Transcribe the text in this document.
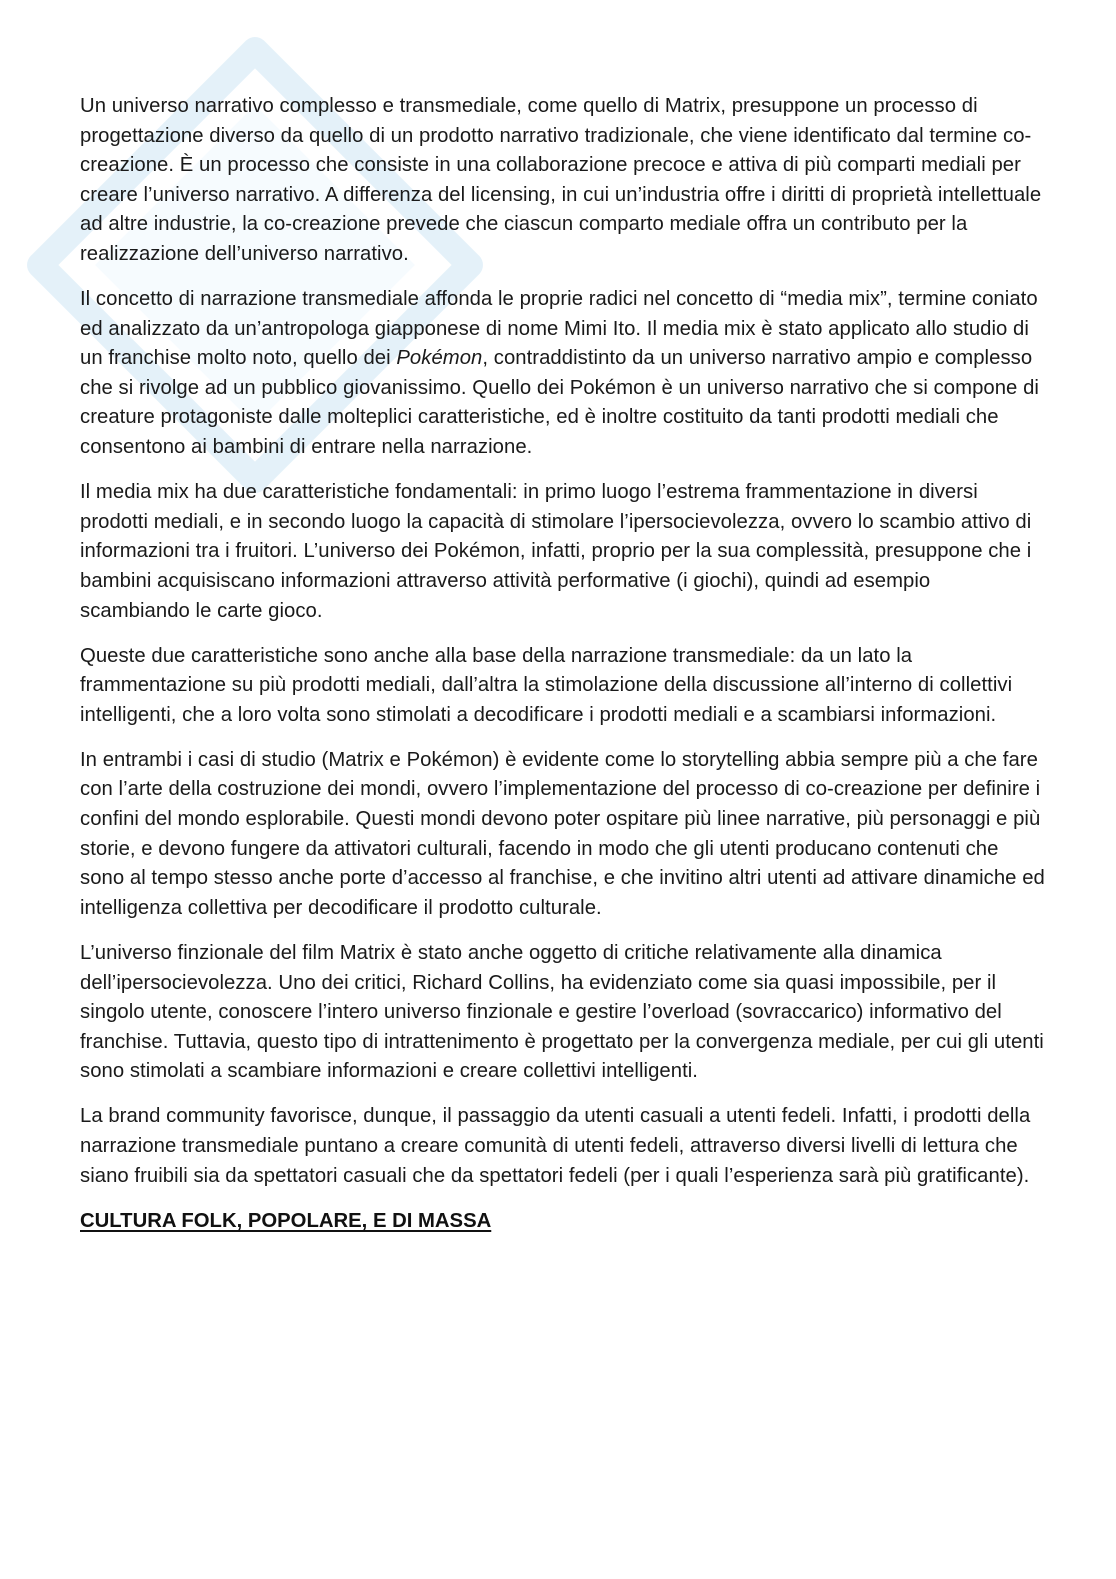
Un universo narrativo complesso e transmediale, come quello di Matrix, presuppone un processo di progettazione diverso da quello di un prodotto narrativo tradizionale, che viene identificato dal termine co-creazione. È un processo che consiste in una collaborazione precoce e attiva di più comparti mediali per creare l’universo narrativo. A differenza del licensing, in cui un’industria offre i diritti di proprietà intellettuale ad altre industrie, la co-creazione prevede che ciascun comparto mediale offra un contributo per la realizzazione dell’universo narrativo.

Il concetto di narrazione transmediale affonda le proprie radici nel concetto di “media mix”, termine coniato ed analizzato da un’antropologa giapponese di nome Mimi Ito. Il media mix è stato applicato allo studio di un franchise molto noto, quello dei Pokémon, contraddistinto da un universo narrativo ampio e complesso che si rivolge ad un pubblico giovanissimo. Quello dei Pokémon è un universo narrativo che si compone di creature protagoniste dalle molteplici caratteristiche, ed è inoltre costituito da tanti prodotti mediali che consentono ai bambini di entrare nella narrazione.

Il media mix ha due caratteristiche fondamentali: in primo luogo l’estrema frammentazione in diversi prodotti mediali, e in secondo luogo la capacità di stimolare l’ipersocievolezza, ovvero lo scambio attivo di informazioni tra i fruitori. L’universo dei Pokémon, infatti, proprio per la sua complessità, presuppone che i bambini acquisiscano informazioni attraverso attività performative (i giochi), quindi ad esempio scambiando le carte gioco.

Queste due caratteristiche sono anche alla base della narrazione transmediale: da un lato la frammentazione su più prodotti mediali, dall’altra la stimolazione della discussione all’interno di collettivi intelligenti, che a loro volta sono stimolati a decodificare i prodotti mediali e a scambiarsi informazioni.

In entrambi i casi di studio (Matrix e Pokémon) è evidente come lo storytelling abbia sempre più a che fare con l’arte della costruzione dei mondi, ovvero l’implementazione del processo di co-creazione per definire i confini del mondo esplorabile. Questi mondi devono poter ospitare più linee narrative, più personaggi e più storie, e devono fungere da attivatori culturali, facendo in modo che gli utenti producano contenuti che sono al tempo stesso anche porte d’accesso al franchise, e che invitino altri utenti ad attivare dinamiche ed intelligenza collettiva per decodificare il prodotto culturale.

L’universo finzionale del film Matrix è stato anche oggetto di critiche relativamente alla dinamica dell’ipersocievolezza. Uno dei critici, Richard Collins, ha evidenziato come sia quasi impossibile, per il singolo utente, conoscere l’intero universo finzionale e gestire l’overload (sovraccarico) informativo del franchise. Tuttavia, questo tipo di intrattenimento è progettato per la convergenza mediale, per cui gli utenti sono stimolati a scambiare informazioni e creare collettivi intelligenti.

La brand community favorisce, dunque, il passaggio da utenti casuali a utenti fedeli. Infatti, i prodotti della narrazione transmediale puntano a creare comunità di utenti fedeli, attraverso diversi livelli di lettura che siano fruibili sia da spettatori casuali che da spettatori fedeli (per i quali l’esperienza sarà più gratificante).

CULTURA FOLK, POPOLARE, E DI MASSA
